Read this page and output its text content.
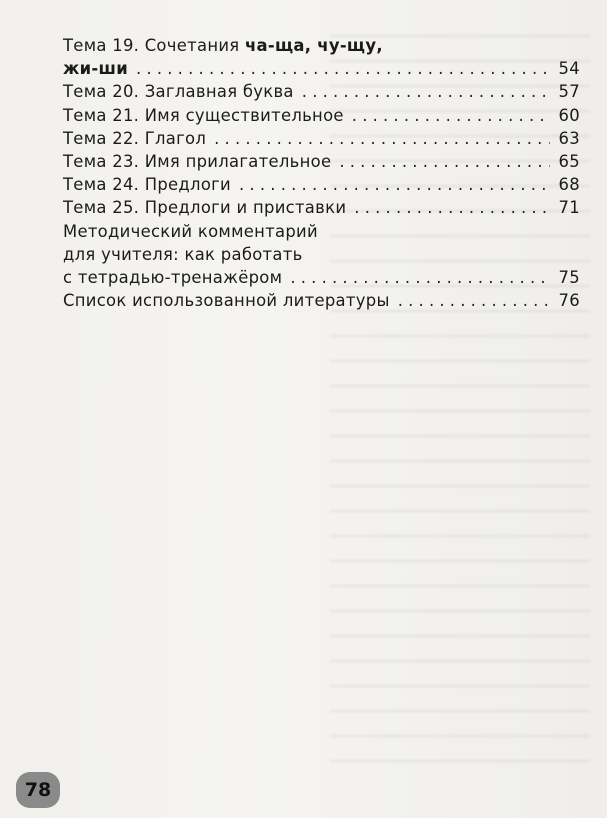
Тема 19. Сочетания ча-ща, чу-щу,
жи-ши . . .	54
Тема 20. Заглавная буква . . .	57
Тема 21. Имя существительное . . .	60
Тема 22. Глагол . . .	63
Тема 23. Имя прилагательное . . .	65
Тема 24. Предлоги . . .	68
Тема 25. Предлоги и приставки . . .	71
Методический комментарий
для учителя: как работать
с тетрадью-тренажёром . . .	75
Список использованной литературы . . .	76
78
